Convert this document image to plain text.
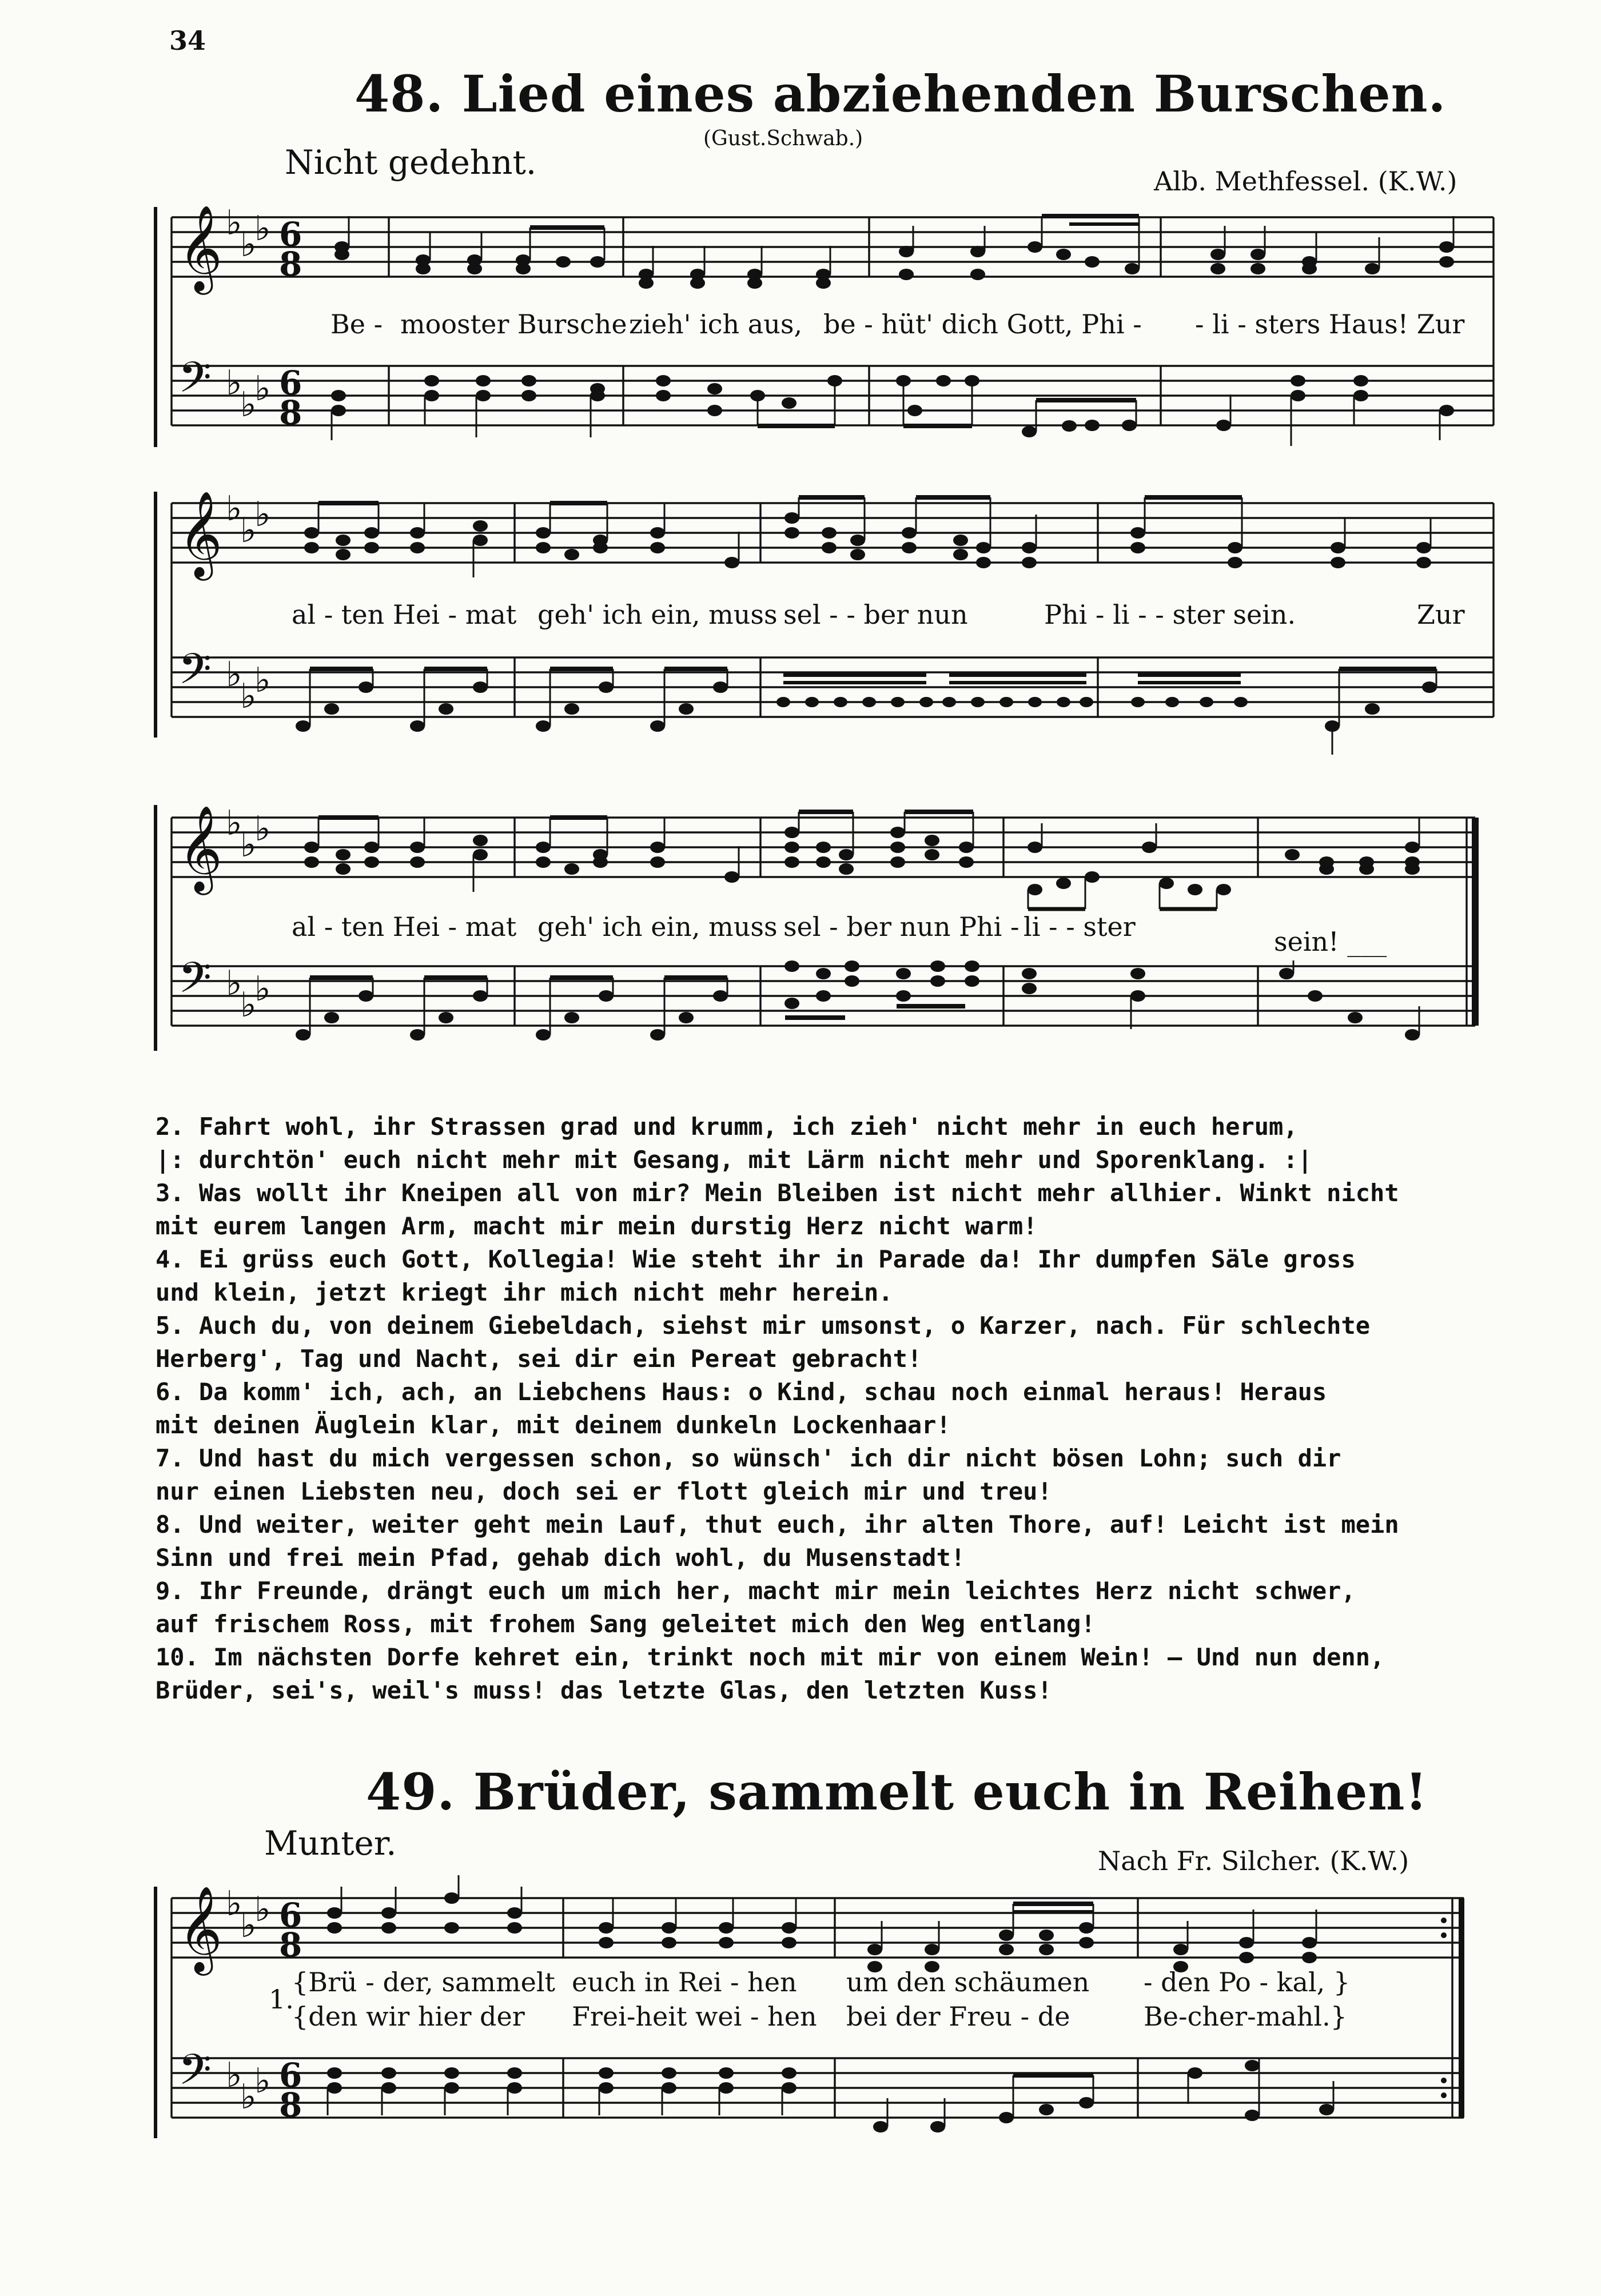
34
48. Lied eines abziehenden Burschen.
(Gust.Schwab.)
Nicht gedehnt.	Alb. Methfessel. (K.W.)
𝄞
𝄢
♭
♭
♭
♭
♭
♭
6
8
6
8
𝄞
𝄢
♭
♭
♭
♭
♭
♭
𝄞
𝄢
♭
♭
♭
♭
♭
♭
Be - mooster Bursche zieh' ich aus, be - hüt' dich Gott, Phi - - li - sters Haus! Zur
al - ten Hei - mat geh' ich ein, muss sel - - ber nun	Phi - li - - ster sein.	Zur
al - ten Hei - mat geh' ich ein, muss sel - ber nun Phi - li - - ster	sein! ___
2. Fahrt wohl, ihr Strassen grad und krumm, ich zieh' nicht mehr in euch herum,
|: durchtön' euch nicht mehr mit Gesang, mit Lärm nicht mehr und Sporenklang. :|
3. Was wollt ihr Kneipen all von mir? Mein Bleiben ist nicht mehr allhier. Winkt nicht
mit eurem langen Arm, macht mir mein durstig Herz nicht warm!
4. Ei grüss euch Gott, Kollegia! Wie steht ihr in Parade da! Ihr dumpfen Säle gross
und klein, jetzt kriegt ihr mich nicht mehr herein.
5. Auch du, von deinem Giebeldach, siehst mir umsonst, o Karzer, nach. Für schlechte
Herberg', Tag und Nacht, sei dir ein Pereat gebracht!
6. Da komm' ich, ach, an Liebchens Haus: o Kind, schau noch einmal heraus! Heraus
mit deinen Äuglein klar, mit deinem dunkeln Lockenhaar!
7. Und hast du mich vergessen schon, so wünsch' ich dir nicht bösen Lohn; such dir
nur einen Liebsten neu, doch sei er flott gleich mir und treu!
8. Und weiter, weiter geht mein Lauf, thut euch, ihr alten Thore, auf! Leicht ist mein
Sinn und frei mein Pfad, gehab dich wohl, du Musenstadt!
9. Ihr Freunde, drängt euch um mich her, macht mir mein leichtes Herz nicht schwer,
auf frischem Ross, mit frohem Sang geleitet mich den Weg entlang!
10. Im nächsten Dorfe kehret ein, trinkt noch mit mir von einem Wein! – Und nun denn,
Brüder, sei's, weil's muss! das letzte Glas, den letzten Kuss!
49. Brüder, sammelt euch in Reihen!
Munter.	Nach Fr. Silcher. (K.W.)
𝄞
𝄢
♭
♭
♭
♭
♭
♭
6
8
6
8
1.
{Brü - der, sammelt euch in Rei - hen um den schäumen - den Po - kal, }
{den wir hier der Frei-heit wei - hen bei der Freu - de	Be-cher-mahl.}
